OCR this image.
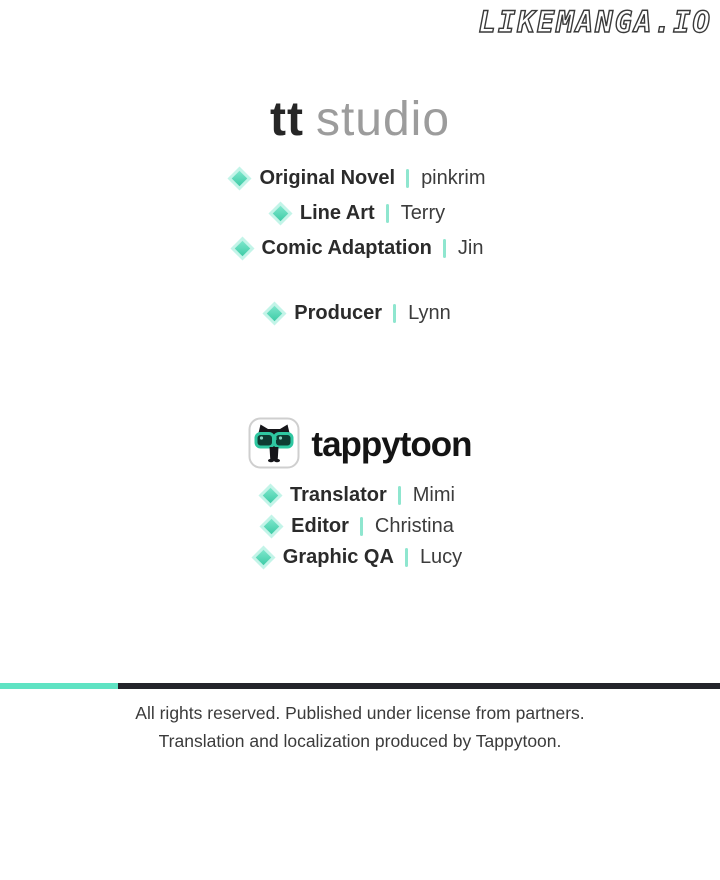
LIKEMANGA.IO
tt studio
Original Novel pinkrim
Line Art Terry
Comic Adaptation Jin
Producer Lynn
tappytoon
Translator Mimi
Editor Christina
Graphic QA Lucy
All rights reserved. Published under license from partners.
Translation and localization produced by Tappytoon.
